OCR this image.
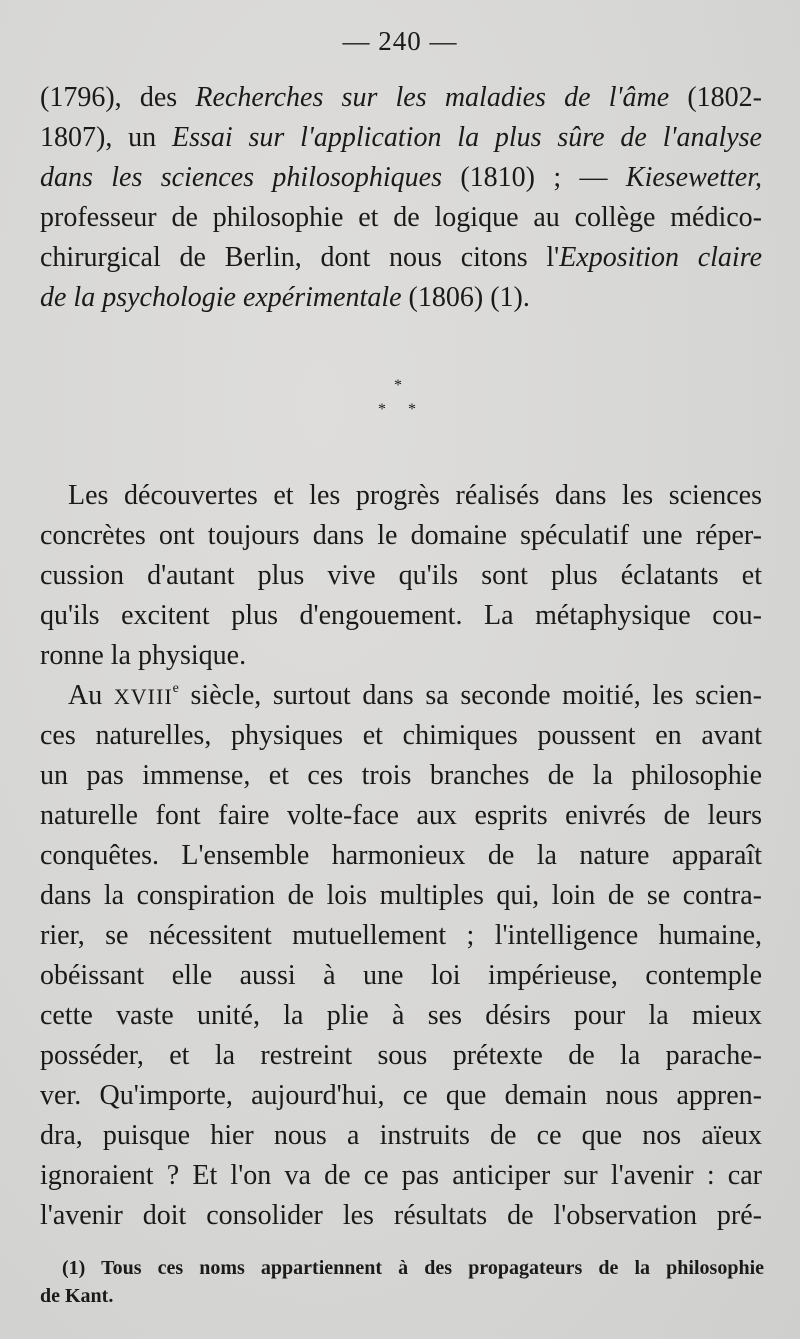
— 240 —
(1796), des Recherches sur les maladies de l'âme (1802-
1807), un Essai sur l'application la plus sûre de l'analyse
dans les sciences philosophiques (1810) ; — Kiesewetter,
professeur de philosophie et de logique au collège médico-
chirurgical de Berlin, dont nous citons l'Exposition claire
de la psychologie expérimentale (1806) (1).
*
* *
Les découvertes et les progrès réalisés dans les sciences
concrètes ont toujours dans le domaine spéculatif une réper-
cussion d'autant plus vive qu'ils sont plus éclatants et
qu'ils excitent plus d'engouement. La métaphysique cou-
ronne la physique.
Au XVIIIe siècle, surtout dans sa seconde moitié, les scien-
ces naturelles, physiques et chimiques poussent en avant
un pas immense, et ces trois branches de la philosophie
naturelle font faire volte-face aux esprits enivrés de leurs
conquêtes. L'ensemble harmonieux de la nature apparaît
dans la conspiration de lois multiples qui, loin de se contra-
rier, se nécessitent mutuellement ; l'intelligence humaine,
obéissant elle aussi à une loi impérieuse, contemple
cette vaste unité, la plie à ses désirs pour la mieux
posséder, et la restreint sous prétexte de la parache-
ver. Qu'importe, aujourd'hui, ce que demain nous appren-
dra, puisque hier nous a instruits de ce que nos aïeux
ignoraient ? Et l'on va de ce pas anticiper sur l'avenir : car
l'avenir doit consolider les résultats de l'observation pré-
(1) Tous ces noms appartiennent à des propagateurs de la philosophie
de Kant.
